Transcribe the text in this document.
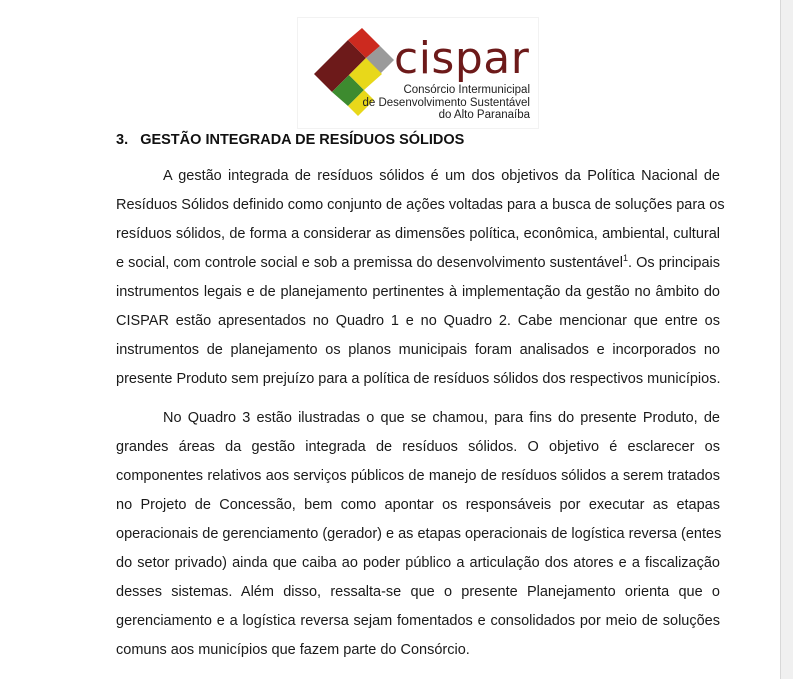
cispar
Consórcio Intermunicipal
de Desenvolvimento Sustentável
do Alto Paranaíba
3. GESTÃO INTEGRADA DE RESÍDUOS SÓLIDOS
A gestão integrada de resíduos sólidos é um dos objetivos da Política Nacional de
Resíduos Sólidos definido como conjunto de ações voltadas para a busca de soluções para os
resíduos sólidos, de forma a considerar as dimensões política, econômica, ambiental, cultural
e social, com controle social e sob a premissa do desenvolvimento sustentável$^1$. Os principais
instrumentos legais e de planejamento pertinentes à implementação da gestão no âmbito do
CISPAR estão apresentados no Quadro 1 e no Quadro 2. Cabe mencionar que entre os
instrumentos de planejamento os planos municipais foram analisados e incorporados no
presente Produto sem prejuízo para a política de resíduos sólidos dos respectivos municípios.
No Quadro 3 estão ilustradas o que se chamou, para fins do presente Produto, de
grandes áreas da gestão integrada de resíduos sólidos. O objetivo é esclarecer os
componentes relativos aos serviços públicos de manejo de resíduos sólidos a serem tratados
no Projeto de Concessão, bem como apontar os responsáveis por executar as etapas
operacionais de gerenciamento (gerador) e as etapas operacionais de logística reversa (entes
do setor privado) ainda que caiba ao poder público a articulação dos atores e a fiscalização
desses sistemas. Além disso, ressalta-se que o presente Planejamento orienta que o
gerenciamento e a logística reversa sejam fomentados e consolidados por meio de soluções
comuns aos municípios que fazem parte do Consórcio.
